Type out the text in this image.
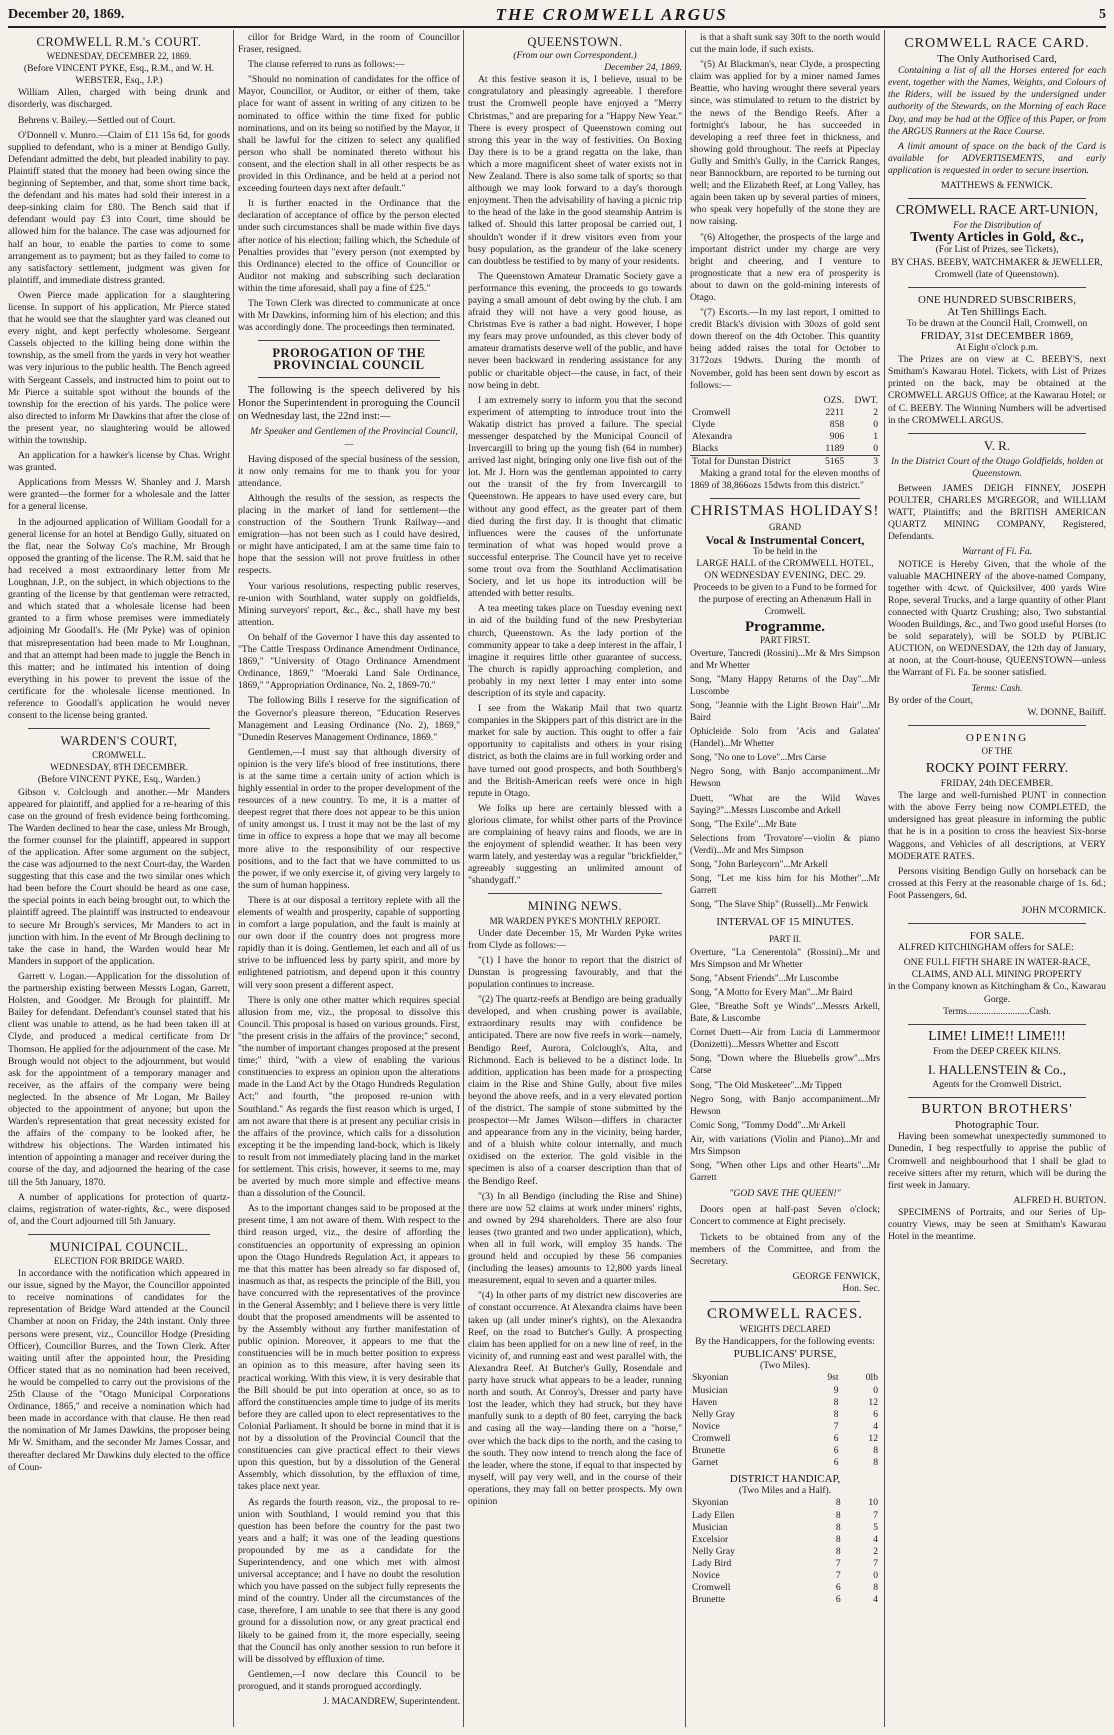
December 20, 1869.	THE CROMWELL ARGUS	5
CROMWELL R.M.'s COURT.
WEDNESDAY, DECEMBER 22, 1869.
(Before VINCENT PYKE, Esq., R.M., and W. H. WEBSTER, Esq., J.P.)

William Allen, charged with being drunk and disorderly, was discharged.

Behrens v. Bailey.—Settled out of Court.

O'Donnell v. Munro.—Claim of £11 15s 6d, for goods supplied to defendant, who is a miner at Bendigo Gully. Defendant admitted the debt, but pleaded inability to pay. Plaintiff stated that the money had been owing since the beginning of September, and that, some short time back, the defendant and his mates had sold their interest in a deep-sinking claim for £80. The Bench said that if defendant would pay £3 into Court, time should be allowed him for the balance. The case was adjourned for half an hour, to enable the parties to come to some arrangement as to payment; but as they failed to come to any satisfactory settlement, judgment was given for plaintiff, and immediate distress granted.

Owen Pierce made application for a slaughtering license. In support of his application, Mr Pierce stated that he would see that the slaughter yard was cleaned out every night, and kept perfectly wholesome. Sergeant Cassels objected to the killing being done within the township, as the smell from the yards in very hot weather was very injurious to the public health. The Bench agreed with Sergeant Cassels, and instructed him to point out to Mr Pierce a suitable spot without the bounds of the township for the erection of his yards. The police were also directed to inform Mr Dawkins that after the close of the present year, no slaughtering would be allowed within the township.

An application for a hawker's license by Chas. Wright was granted.

Applications from Messrs W. Shanley and J. Marsh were granted—the former for a wholesale and the latter for a general license.

In the adjourned application of William Goodall for a general license for an hotel at Bendigo Gully, situated on the flat, near the Solway Co's machine, Mr Brough opposed the granting of the license. The R.M. said that he had received a most extraordinary letter from Mr Loughnan, J.P., on the subject, in which objections to the granting of the license by that gentleman were retracted, and which stated that a wholesale license had been granted to a firm whose premises were immediately adjoining Mr Goodall's. He (Mr Pyke) was of opinion that misrepresentation had been made to Mr Loughnan, and that an attempt had been made to juggle the Bench in this matter; and he intimated his intention of doing everything in his power to prevent the issue of the certificate for the wholesale license mentioned. In reference to Goodall's application he would never consent to the license being granted.

WARDEN'S COURT,
CROMWELL.
WEDNESDAY, 8TH DECEMBER.
(Before VINCENT PYKE, Esq., Warden.)

Gibson v. Colclough and another.—Mr Manders appeared for plaintiff, and applied for a re-hearing of this case on the ground of fresh evidence being forthcoming. The Warden declined to hear the case, unless Mr Brough, the former counsel for the plaintiff, appeared in support of the application. After some argument on the subject, the case was adjourned to the next Court-day, the Warden suggesting that this case and the two similar ones which had been before the Court should be heard as one case, the special points in each being brought out, to which the plaintiff agreed. The plaintiff was instructed to endeavour to secure Mr Brough's services, Mr Manders to act in junction with him. In the event of Mr Brough declining to take the case in hand, the Warden would hear Mr Manders in support of the application.

Garrett v. Logan.—Application for the dissolution of the partnership existing between Messrs Logan, Garrett, Holsten, and Goodger. Mr Brough for plaintiff. Mr Bailey for defendant. Defendant's counsel stated that his client was unable to attend, as he had been taken ill at Clyde, and produced a medical certificate from Dr Thomson. He applied for the adjournment of the case. Mr Brough would not object to the adjournment, but would ask for the appointment of a temporary manager and receiver, as the affairs of the company were being neglected. In the absence of Mr Logan, Mr Bailey objected to the appointment of anyone; but upon the Warden's representation that great necessity existed for the affairs of the company to be looked after, he withdrew his objections. The Warden intimated his intention of appointing a manager and receiver during the course of the day, and adjourned the hearing of the case till the 5th January, 1870.

A number of applications for protection of quartz-claims, registration of water-rights, &c., were disposed of, and the Court adjourned till 5th January.

MUNICIPAL COUNCIL.
ELECTION FOR BRIDGE WARD.

In accordance with the notification which appeared in our issue, signed by the Mayor, the Councillor appointed to receive nominations of candidates for the representation of Bridge Ward attended at the Council Chamber at noon on Friday, the 24th instant. Only three persons were present, viz., Councillor Hodge (Presiding Officer), Councillor Burres, and the Town Clerk. After waiting until after the appointed hour, the Presiding Officer stated that as no nomination had been received, he would be compelled to carry out the provisions of the 25th Clause of the "Otago Municipal Corporations Ordinance, 1865," and receive a nomination which had been made in accordance with that clause. He then read the nomination of Mr James Dawkins, the proposer being Mr W. Smitham, and the seconder Mr James Cossar, and thereafter declared Mr Dawkins duly elected to the office of Coun-

cillor for Bridge Ward, in the room of Councillor Fraser, resigned.

The clause referred to runs as follows:—

"Should no nomination of candidates for the office of Mayor, Councillor, or Auditor, or either of them, take place for want of assent in writing of any citizen to be nominated to office within the time fixed for public nominations, and on its being so notified by the Mayor, it shall be lawful for the citizen to select any qualified person who shall be nominated thereto without his consent, and the election shall in all other respects be as provided in this Ordinance, and be held at a period not exceeding fourteen days next after default."

It is further enacted in the Ordinance that the declaration of acceptance of office by the person elected under such circumstances shall be made within five days after notice of his election; failing which, the Schedule of Penalties provides that "every person (not exempted by this Ordinance) elected to the office of Councillor or Auditor not making and subscribing such declaration within the time aforesaid, shall pay a fine of £25."

The Town Clerk was directed to communicate at once with Mr Dawkins, informing him of his election; and this was accordingly done. The proceedings then terminated.

PROROGATION OF THE PROVINCIAL COUNCIL

The following is the speech delivered by his Honor the Superintendent in proroguing the Council on Wednesday last, the 22nd inst:—

Mr Speaker and Gentlemen of the Provincial Council,—

Having disposed of the special business of the session, it now only remains for me to thank you for your attendance.

Although the results of the session, as respects the placing in the market of land for settlement—the construction of the Southern Trunk Railway—and emigration—has not been such as I could have desired, or might have anticipated, I am at the same time fain to hope that the session will not prove fruitless in other respects.

Your various resolutions, respecting public reserves, re-union with Southland, water supply on goldfields, Mining surveyors' report, &c., &c., shall have my best attention.

On behalf of the Governor I have this day assented to "The Cattle Trespass Ordinance Amendment Ordinance, 1869," "University of Otago Ordinance Amendment Ordinance, 1869," "Moeraki Land Sale Ordinance, 1869," "Appropriation Ordinance, No. 2, 1869-70."

The following Bills I reserve for the signification of the Governor's pleasure thereon, "Education Reserves Management and Leasing Ordinance (No. 2), 1869," "Dunedin Reserves Management Ordinance, 1869."

Gentlemen,—I must say that although diversity of opinion is the very life's blood of free institutions, there is at the same time a certain unity of action which is highly essential in order to the proper development of the resources of a new country. To me, it is a matter of deepest regret that there does not appear to be this union of unity amongst us. I trust it may not be the last of my time in office to express a hope that we may all become more alive to the responsibility of our respective positions, and to the fact that we have committed to us the power, if we only exercise it, of giving very largely to the sum of human happiness.

There is at our disposal a territory replete with all the elements of wealth and prosperity, capable of supporting in comfort a large population, and the fault is mainly at our own door if the country does not progress more rapidly than it is doing. Gentlemen, let each and all of us strive to be influenced less by party spirit, and more by enlightened patriotism, and depend upon it this country will very soon present a different aspect.

There is only one other matter which requires special allusion from me, viz., the proposal to dissolve this Council. This proposal is based on various grounds. First, "the present crisis in the affairs of the province;" second, "the number of important changes proposed at the present time;" third, "with a view of enabling the various constituencies to express an opinion upon the alterations made in the Land Act by the Otago Hundreds Regulation Act;" and fourth, "the proposed re-union with Southland." As regards the first reason which is urged, I am not aware that there is at present any peculiar crisis in the affairs of the province, which calls for a dissolution excepting it be the impending land-bock, which is likely to result from not immediately placing land in the market for settlement. This crisis, however, it seems to me, may be averted by much more simple and effective means than a dissolution of the Council.

As to the important changes said to be proposed at the present time, I am not aware of them. With respect to the third reason urged, viz., the desire of affording the constituencies an opportunity of expressing an opinion upon the Otago Hundreds Regulation Act, it appears to me that this matter has been already so far disposed of, inasmuch as that, as respects the principle of the Bill, you have concurred with the representatives of the province in the General Assembly; and I believe there is very little doubt that the proposed amendments will be assented to by the Assembly without any further manifestation of public opinion. Moreover, it appears to me that the constituencies will be in much better position to express an opinion as to this measure, after having seen its practical working. With this view, it is very desirable that the Bill should be put into operation at once, so as to afford the constituencies ample time to judge of its merits before they are called upon to elect representatives to the Colonial Parliament. It should be borne in mind that it is not by a dissolution of the Provincial Council that the constituencies can give practical effect to their views upon this question, but by a dissolution of the General Assembly, which dissolution, by the effluxion of time, takes place next year.

As regards the fourth reason, viz., the proposal to re-union with Southland, I would remind you that this question has been before the country for the past two years and a half; it was one of the leading questions propounded by me as a candidate for the Superintendency, and one which met with almost universal acceptance; and I have no doubt the resolution which you have passed on the subject fully represents the mind of the country. Under all the circumstances of the case, therefore, I am unable to see that there is any good ground for a dissolution now, or any great practical end likely to be gained from it, the more especially, seeing that the Council has only another session to run before it will be dissolved by effluxion of time.

Gentlemen,—I now declare this Council to be prorogued, and it stands prorogued accordingly.

J. MACANDREW, Superintendent.

QUEENSTOWN.
(From our own Correspondent.)
December 24, 1869.

At this festive season it is, I believe, usual to be congratulatory and pleasingly agreeable. I therefore trust the Cromwell people have enjoyed a "Merry Christmas," and are preparing for a "Happy New Year." There is every prospect of Queenstown coming out strong this year in the way of festivities. On Boxing Day there is to be a grand regatta on the lake, than which a more magnificent sheet of water exists not in New Zealand. There is also some talk of sports; so that although we may look forward to a day's thorough enjoyment. Then the advisability of having a picnic trip to the head of the lake in the good steamship Antrim is talked of. Should this latter proposal be carried out, I shouldn't wonder if it drew visitors even from your busy population, as the grandeur of the lake scenery can doubtless be testified to by many of your residents.

The Queenstown Amateur Dramatic Society gave a performance this evening, the proceeds to go towards paying a small amount of debt owing by the club. I am afraid they will not have a very good house, as Christmas Eve is rather a bad night. However, I hope my fears may prove unfounded, as this clever body of amateur dramatists deserve well of the public, and have never been backward in rendering assistance for any public or charitable object—the cause, in fact, of their now being in debt.

I am extremely sorry to inform you that the second experiment of attempting to introduce trout into the Wakatip district has proved a failure. The special messenger despatched by the Municipal Council of Invercargill to bring up the young fish (64 in number) arrived last night, bringing only one live fish out of the lot. Mr J. Horn was the gentleman appointed to carry out the transit of the fry from Invercargill to Queenstown. He appears to have used every care, but without any good effect, as the greater part of them died during the first day. It is thought that climatic influences were the causes of the unfortunate termination of what was hoped would prove a successful enterprise. The Council have yet to receive some trout ova from the Southland Acclimatisation Society, and let us hope its introduction will be attended with better results.

A tea meeting takes place on Tuesday evening next in aid of the building fund of the new Presbyterian church, Queenstown. As the lady portion of the community appear to take a deep interest in the affair, I imagine it requires little other guarantee of success. The church is rapidly approaching completion, and probably in my next letter I may enter into some description of its style and capacity.

I see from the Wakatip Mail that two quartz companies in the Skippers part of this district are in the market for sale by auction. This ought to offer a fair opportunity to capitalists and others in your rising district, as both the claims are in full working order and have turned out good prospects, and both Southberg's and the British-American reefs were once in high repute in Otago.

We folks up here are certainly blessed with a glorious climate, for whilst other parts of the Province are complaining of heavy rains and floods, we are in the enjoyment of splendid weather. It has been very warm lately, and yesterday was a regular "brickfielder," agreeably suggesting an unlimited amount of "shandygaff."

MINING NEWS.
MR WARDEN PYKE'S MONTHLY REPORT.

Under date December 15, Mr Warden Pyke writes from Clyde as follows:—

"(1) I have the honor to report that the district of Dunstan is progressing favourably, and that the population continues to increase.

"(2) The quartz-reefs at Bendigo are being gradually developed, and when crushing power is available, extraordinary results may with confidence be anticipated. There are now five reefs in work—namely, Bendigo Reef, Aurora, Colclough's, Alta, and Richmond. Each is believed to be a distinct lode. In addition, application has been made for a prospecting claim in the Rise and Shine Gully, about five miles beyond the above reefs, and in a very elevated portion of the district. The sample of stone submitted by the prospector—Mr James Wilson—differs in character and appearance from any in the vicinity, being harder, and of a bluish white colour internally, and much oxidised on the exterior. The gold visible in the specimen is also of a coarser description than that of the Bendigo Reef.

"(3) In all Bendigo (including the Rise and Shine) there are now 52 claims at work under miners' rights, and owned by 294 shareholders. There are also four leases (two granted and two under application), which, when all in full work, will employ 35 hands. The ground held and occupied by these 56 companies (including the leases) amounts to 12,800 yards lineal measurement, equal to seven and a quarter miles.

"(4) In other parts of my district new discoveries are of constant occurrence. At Alexandra claims have been taken up (all under miner's rights), on the Alexandra Reef, on the road to Butcher's Gully. A prospecting claim has been applied for on a new line of reef, in the vicinity of, and running east and west parallel with, the Alexandra Reef. At Butcher's Gully, Rosendale and party have struck what appears to be a leader, running north and south. At Conroy's, Dresser and party have lost the leader, which they had struck, but they have manfully sunk to a depth of 80 feet, carrying the back and casing all the way—landing there on a "horse," over which the back dips to the north, and the casing to the south. They now intend to trench along the face of the leader, where the stone, if equal to that inspected by myself, will pay very well, and in the course of their operations, they may fall on better prospects. My own opinion

is that a shaft sunk say 30ft to the north would cut the main lode, if such exists.

"(5) At Blackman's, near Clyde, a prospecting claim was applied for by a miner named James Beattie, who having wrought there several years since, was stimulated to return to the district by the news of the Bendigo Reefs. After a fortnight's labour, he has succeeded in developing a reef three feet in thickness, and showing gold throughout. The reefs at Pipeclay Gully and Smith's Gully, in the Carrick Ranges, near Bannockburn, are reported to be turning out well; and the Elizabeth Reef, at Long Valley, has again been taken up by several parties of miners, who speak very hopefully of the stone they are now raising.

"(6) Altogether, the prospects of the large and important district under my charge are very bright and cheering, and I venture to prognosticate that a new era of prosperity is about to dawn on the gold-mining interests of Otago.

"(7) Escorts.—In my last report, I omitted to credit Black's division with 30ozs of gold sent down thereof on the 4th October. This quantity being added raises the total for October to 3172ozs 19dwts. During the month of November, gold has been sent down by escort as follows:—

	OZS.	DWT.
Cromwell	2211	2
Clyde	858	0
Alexandra	906	1
Blacks	1189	0
Total for Dunstan District	5165	3

Making a grand total for the eleven months of 1869 of 38,866ozs 15dwts from this district."

CHRISTMAS HOLIDAYS!
GRAND
Vocal & Instrumental Concert,
To be held in the
LARGE HALL of the CROMWELL HOTEL,
ON WEDNESDAY EVENING, DEC. 29.

Proceeds to be given to a Fund to be formed for the purpose of erecting an Athenæum Hall in Cromwell.

Programme.
PART FIRST.

Overture, Tancredi (Rossini)...Mr & Mrs Simpson and Mr Whetter

Song, "Many Happy Returns of the Day"...Mr Luscombe

Song, "Jeannie with the Light Brown Hair"...Mr Baird

Ophicleide Solo from 'Acis and Galatea' (Handel)...Mr Whetter

Song, "No one to Love"...Mrs Carse

Negro Song, with Banjo accompaniment...Mr Hewson

Duett, "What are the Wild Waves Saying?"...Messrs Luscombe and Arkell

Song, "The Exile"...Mr Bate

Selections from 'Trovatore'—violin & piano (Verdi)...Mr and Mrs Simpson

Song, "John Barleycorn"...Mr Arkell

Song, "Let me kiss him for his Mother"...Mr Garrett

Song, "The Slave Ship" (Russell)...Mr Fenwick

INTERVAL OF 15 MINUTES.
PART II.

Overture, "La Cenerentola" (Rossini)...Mr and Mrs Simpson and Mr Whetter

Song, "Absent Friends"...Mr Luscombe

Song, "A Motto for Every Man"...Mr Baird

Glee, "Breathe Soft ye Winds"...Messrs Arkell, Bate, & Luscombe

Cornet Duett—Air from Lucia di Lammermoor (Donizetti)...Messrs Whetter and Escott

Song, "Down where the Bluebells grow"...Mrs Carse

Song, "The Old Musketeer"...Mr Tippett

Negro Song, with Banjo accompaniment...Mr Hewson

Comic Song, "Tommy Dodd"...Mr Arkell

Air, with variations (Violin and Piano)...Mr and Mrs Simpson

Song, "When other Lips and other Hearts"...Mr Garrett

"GOD SAVE THE QUEEN!"

Doors open at half-past Seven o'clock; Concert to commence at Eight precisely.

Tickets to be obtained from any of the members of the Committee, and from the Secretary.

GEORGE FENWICK,
Hon. Sec.
CROMWELL RACES.
WEIGHTS DECLARED
By the Handicappers, for the following events:
PUBLICANS' PURSE,
(Two Miles).
Skyonian	9st	0lb
Musician	9	0
Haven	8	12
Nelly Gray	8	6
Novice	7	4
Cromwell	6	12
Brunette	6	8
Garnet	6	8
DISTRICT HANDICAP,
(Two Miles and a Half).
Skyonian	8	10
Lady Ellen	8	7
Musician	8	5
Excelsior	8	4
Nelly Gray	8	2
Lady Bird	7	7
Novice	7	0
Cromwell	6	8
Brunette	6	4
CROMWELL RACE CARD.
The Only Authorised Card,

Containing a list of all the Horses entered for each event, together with the Names, Weights, and Colours of the Riders, will be issued by the undersigned under authority of the Stewards, on the Morning of each Race Day, and may be had at the Office of this Paper, or from the ARGUS Runners at the Race Course.

A limit amount of space on the back of the Card is available for ADVERTISEMENTS, and early application is requested in order to secure insertion.

MATTHEWS & FENWICK.
CROMWELL RACE ART-UNION,
For the Distribution of
Twenty Articles in Gold, &c.,
(For List of Prizes, see Tickets),
BY CHAS. BEEBY, WATCHMAKER & JEWELLER, Cromwell (late of Queenstown).
ONE HUNDRED SUBSCRIBERS,
At Ten Shillings Each.
To be drawn at the Council Hall, Cromwell, on
FRIDAY, 31st DECEMBER 1869,
At Eight o'clock p.m.

The Prizes are on view at C. BEEBY'S, next Smitham's Kawarau Hotel. Tickets, with List of Prizes printed on the back, may be obtained at the CROMWELL ARGUS Office; at the Kawarau Hotel; or of C. BEEBY. The Winning Numbers will be advertised in the CROMWELL ARGUS.

V. R.

In the District Court of the Otago Goldfields, holden at Queenstown.

Between JAMES DEIGH FINNEY, JOSEPH POULTER, CHARLES M'GREGOR, and WILLIAM WATT, Plaintiffs; and the BRITISH AMERICAN QUARTZ MINING COMPANY, Registered, Defendants.

Warrant of Fi. Fa.

NOTICE is Hereby Given, that the whole of the valuable MACHINERY of the above-named Company, together with 4cwt. of Quicksilver, 400 yards Wire Rope, several Trucks, and a large quantity of other Plant connected with Quartz Crushing; also, Two substantial Wooden Buildings, &c., and Two good useful Horses (to be sold separately), will be SOLD by PUBLIC AUCTION, on WEDNESDAY, the 12th day of January, at noon, at the Court-house, QUEENSTOWN—unless the Warrant of Fi. Fa. be sooner satisfied.

Terms: Cash.
By order of the Court,
W. DONNE, Bailiff.
OPENING
OF THE
ROCKY POINT FERRY.
FRIDAY, 24th DECEMBER.

The large and well-furnished PUNT in connection with the above Ferry being now COMPLETED, the undersigned has great pleasure in informing the public that he is in a position to cross the heaviest Six-horse Waggons, and Vehicles of all descriptions, at VERY MODERATE RATES.

Persons visiting Bendigo Gully on horseback can be crossed at this Ferry at the reasonable charge of 1s. 6d.; Foot Passengers, 6d.

JOHN M'CORMICK.
FOR SALE.

ALFRED KITCHINGHAM offers for SALE:

ONE FULL FIFTH SHARE IN WATER-RACE, CLAIMS, AND ALL MINING PROPERTY
in the Company known as Kitchingham & Co., Kawarau Gorge.
Terms..........................Cash.
LIME! LIME!! LIME!!!
From the DEEP CREEK KILNS.
I. HALLENSTEIN & Co.,
Agents for the Cromwell District.
BURTON BROTHERS'
Photographic Tour.

Having been somewhat unexpectedly summoned to Dunedin, I beg respectfully to apprise the public of Cromwell and neighbourhood that I shall be glad to receive sitters after my return, which will be during the first week in January.

ALFRED H. BURTON.

SPECIMENS of Portraits, and our Series of Up-country Views, may be seen at Smitham's Kawarau Hotel in the meantime.
